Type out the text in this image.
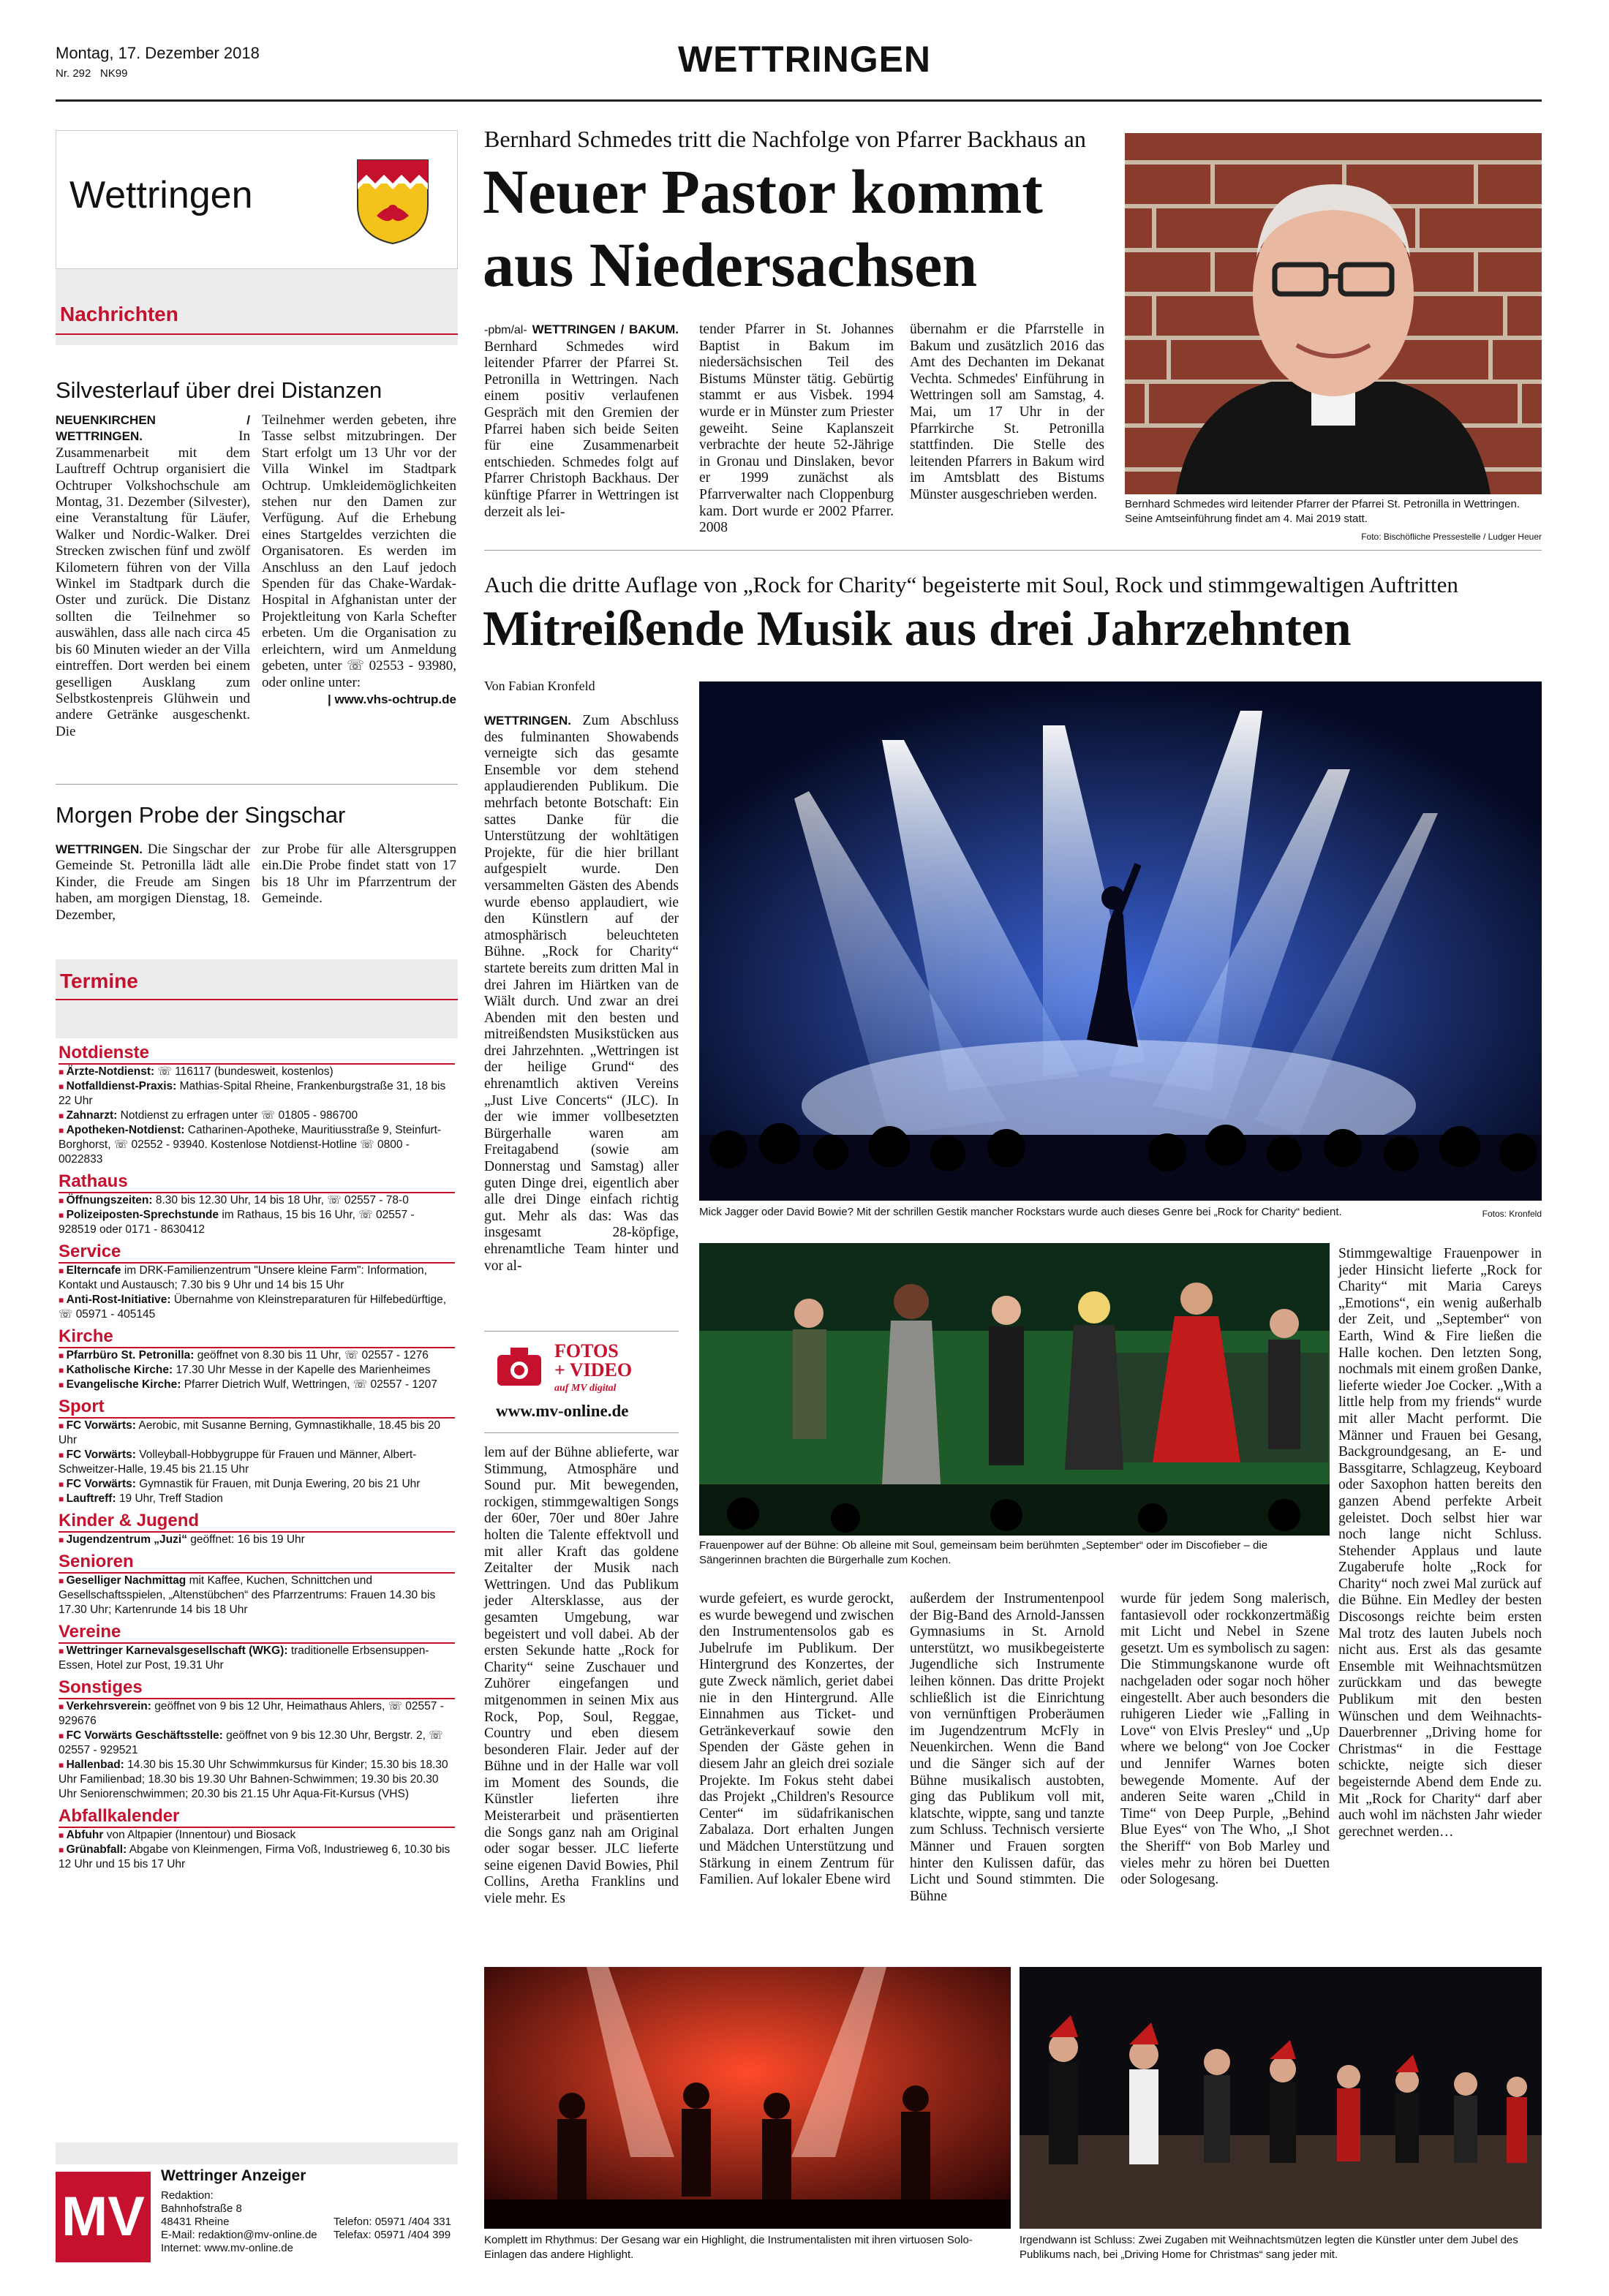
Montag, 17. Dezember 2018
Nr. 292 NK99	WETTRINGEN
Wettringen
Nachrichten
Silvesterlauf über drei Distanzen

NEUENKIRCHEN / WETTRINGEN.	In Zusammenarbeit mit dem Lauftreff Ochtrup organisiert die Ochtruper Volkshochschule am Montag, 31. Dezember (Silvester), eine Veranstaltung für Läufer, Walker und Nordic-Walker. Drei Strecken zwischen fünf und zwölf Kilometern führen von der Villa Winkel im Stadtpark durch die Oster und zurück. Die Distanz sollten die Teilnehmer so auswählen, dass alle nach circa 45 bis 60 Minuten wieder an der Villa eintreffen. Dort werden bei einem geselligen Ausklang zum Selbstkostenpreis Glühwein und andere Getränke ausgeschenkt. Die

Teilnehmer werden gebeten, ihre Tasse selbst mitzubringen. Der Start erfolgt um 13 Uhr vor der Villa Winkel im Stadtpark Ochtrup. Umkleidemöglichkeiten stehen nur den Damen zur Verfügung. Auf die Erhebung eines Startgeldes verzichten die Organisatoren. Es werden im Anschluss an den Lauf jedoch Spenden für das Chake-Wardak-Hospital in Afghanistan unter der Projektleitung von Karla Schefter erbeten. Um die Organisation zu erleichtern, wird um Anmeldung gebeten, unter ☏ 02553 - 93980, oder online unter:

| www.vhs-ochtrup.de

Morgen Probe der Singschar

WETTRINGEN. Die Singschar der Gemeinde St. Petronilla lädt alle Kinder, die Freude am Singen haben, am morgigen Dienstag, 18. Dezember,

zur Probe für alle Altersgruppen ein.Die Probe findet statt von 17 bis 18 Uhr im Pfarrzentrum der Gemeinde.

Termine
Notdienste
■ Ärzte-Notdienst: ☏ 116117 (bundesweit, kostenlos)
■ Notfalldienst-Praxis: Mathias-Spital Rheine, Frankenburgstraße 31, 18 bis 22 Uhr
■ Zahnarzt: Notdienst zu erfragen unter ☏ 01805 - 986700
■ Apotheken-Notdienst: Catharinen-Apotheke, Mauritiusstraße 9, Steinfurt-Borghorst, ☏ 02552 - 93940. Kostenlose Notdienst-Hotline ☏ 0800 - 0022833
Rathaus
■ Öffnungszeiten: 8.30 bis 12.30 Uhr, 14 bis 18 Uhr, ☏ 02557 - 78-0
■ Polizeiposten-Sprechstunde im Rathaus, 15 bis 16 Uhr, ☏ 02557 - 928519 oder 0171 - 8630412
Service
■ Elterncafe im DRK-Familienzentrum "Unsere kleine Farm": Information, Kontakt und Austausch; 7.30 bis 9 Uhr und 14 bis 15 Uhr
■ Anti-Rost-Initiative: Übernahme von Kleinstreparaturen für Hilfebedürftige, ☏ 05971 - 405145
Kirche
■ Pfarrbüro St. Petronilla: geöffnet von 8.30 bis 11 Uhr, ☏ 02557 - 1276
■ Katholische Kirche: 17.30 Uhr Messe in der Kapelle des Marienheimes
■ Evangelische Kirche: Pfarrer Dietrich Wulf, Wettringen, ☏ 02557 - 1207
Sport
■ FC Vorwärts: Aerobic, mit Susanne Berning, Gymnastikhalle, 18.45 bis 20 Uhr
■ FC Vorwärts: Volleyball-Hobbygruppe für Frauen und Männer, Albert-Schweitzer-Halle, 19.45 bis 21.15 Uhr
■ FC Vorwärts: Gymnastik für Frauen, mit Dunja Ewering, 20 bis 21 Uhr
■ Lauftreff: 19 Uhr, Treff Stadion
Kinder & Jugend
■ Jugendzentrum „Juzi“ geöffnet: 16 bis 19 Uhr
Senioren
■ Geselliger Nachmittag mit Kaffee, Kuchen, Schnittchen und Gesellschaftsspielen, „Altenstübchen“ des Pfarrzentrums: Frauen 14.30 bis 17.30 Uhr; Kartenrunde 14 bis 18 Uhr
Vereine
■ Wettringer Karnevalsgesellschaft (WKG): traditionelle Erbsensuppen-Essen, Hotel zur Post, 19.31 Uhr
Sonstiges
■ Verkehrsverein: geöffnet von 9 bis 12 Uhr, Heimathaus Ahlers, ☏ 02557 - 929676
■ FC Vorwärts Geschäftsstelle: geöffnet von 9 bis 12.30 Uhr, Bergstr. 2, ☏ 02557 - 929521
■ Hallenbad: 14.30 bis 15.30 Uhr Schwimmkursus für Kinder; 15.30 bis 18.30 Uhr Familienbad; 18.30 bis 19.30 Uhr Bahnen-Schwimmen; 19.30 bis 20.30 Uhr Seniorenschwimmen; 20.30 bis 21.15 Uhr Aqua-Fit-Kursus (VHS)
Abfallkalender
■ Abfuhr von Altpapier (Innentour) und Biosack
■ Grünabfall: Abgabe von Kleinmengen, Firma Voß, Industrieweg 6, 10.30 bis 12 Uhr und 15 bis 17 Uhr
MV
Wettringer Anzeiger
Redaktion:
Bahnhofstraße 8
48431 Rheine
E-Mail: redaktion@mv-online.de
Internet: www.mv-online.de
Telefon: 05971 /404 331
Telefax: 05971 /404 399
Bernhard Schmedes tritt die Nachfolge von Pfarrer Backhaus an
Neuer Pastor kommt
aus Niedersachsen

-pbm/al- WETTRINGEN / BAKUM. Bernhard Schmedes wird leitender Pfarrer der Pfarrei St. Petronilla in Wettringen. Nach einem positiv verlaufenen Gespräch mit den Gremien der Pfarrei haben sich beide Seiten für eine Zusammenarbeit entschieden. Schmedes folgt auf Pfarrer Christoph Backhaus. Der künftige Pfarrer in Wettringen ist derzeit als lei-

tender Pfarrer in St. Johannes Baptist in Bakum im niedersächsischen Teil des Bistums Münster tätig. Gebürtig stammt er aus Visbek. 1994 wurde er in Münster zum Priester geweiht. Seine Kaplanszeit verbrachte der heute 52-Jährige in Gronau und Dinslaken, bevor er 1999 zunächst als Pfarrverwalter nach Cloppenburg kam. Dort wurde er 2002 Pfarrer. 2008

übernahm er die Pfarrstelle in Bakum und zusätzlich 2016 das Amt des Dechanten im Dekanat Vechta. Schmedes' Einführung in Wettringen soll am Samstag, 4. Mai, um 17 Uhr in der Pfarrkirche St. Petronilla stattfinden. Die Stelle des leitenden Pfarrers in Bakum wird im Amtsblatt des Bistums Münster ausgeschrieben werden.

Bernhard Schmedes wird leitender Pfarrer der Pfarrei St. Petronilla in Wettringen. Seine Amtseinführung findet am 4. Mai 2019 statt.
Foto: Bischöfliche Pressestelle / Ludger Heuer
Auch die dritte Auflage von „Rock for Charity“ begeisterte mit Soul, Rock und stimmgewaltigen Auftritten
Mitreißende Musik aus drei Jahrzehnten
Von Fabian Kronfeld

WETTRINGEN. Zum Abschluss des fulminanten Showabends verneigte sich das gesamte Ensemble vor dem stehend applaudierenden Publikum. Die mehrfach betonte Botschaft: Ein sattes Danke für die Unterstützung der wohltätigen Projekte, für die hier brillant aufgespielt wurde. Den versammelten Gästen des Abends wurde ebenso applaudiert, wie den Künstlern auf der atmosphärisch beleuchteten Bühne. „Rock for Charity“ startete bereits zum dritten Mal in drei Jahren im Hiärtken van de Wiält durch. Und zwar an drei Abenden mit den besten und mitreißendsten Musikstücken aus drei Jahrzehnten. „Wettringen ist der heilige Grund“ des ehrenamtlich aktiven Vereins „Just Live Concerts“ (JLC). In der wie immer vollbesetzten Bürgerhalle waren am Freitagabend (sowie am Donnerstag und Samstag) aller guten Dinge drei, eigentlich aber alle drei Dinge einfach richtig gut. Mehr als das: Was das insgesamt 28-köpfige, ehrenamtliche Team hinter und vor al-

FOTOS
+ VIDEO
auf MV digital
www.mv-online.de

lem auf der Bühne ablieferte, war Stimmung, Atmosphäre und Sound pur. Mit bewegenden, rockigen, stimmgewaltigen Songs der 60er, 70er und 80er Jahre holten die Talente effektvoll und mit aller Kraft das goldene Zeitalter der Musik nach Wettringen. Und das Publikum jeder Altersklasse, aus der gesamten Umgebung, war begeistert und voll dabei. Ab der ersten Sekunde hatte „Rock for Charity“ seine Zuschauer und Zuhörer eingefangen und mitgenommen in seinen Mix aus Rock, Pop, Soul, Reggae, Country und eben diesem besonderen Flair. Jeder auf der Bühne und in der Halle war voll im Moment des Sounds, die Künstler lieferten ihre Meisterarbeit und präsentierten die Songs ganz nah am Original oder sogar besser. JLC lieferte seine eigenen David Bowies, Phil Collins, Aretha Franklins und viele mehr. Es

Mick Jagger oder David Bowie? Mit der schrillen Gestik mancher Rockstars wurde auch dieses Genre bei „Rock for Charity“ bedient.	Fotos: Kronfeld
Frauenpower auf der Bühne: Ob alleine mit Soul, gemeinsam beim berühmten „September“ oder im Discofieber – die Sängerinnen brachten die Bürgerhalle zum Kochen.

Stimmgewaltige Frauenpower in jeder Hinsicht lieferte „Rock for Charity“ mit Maria Careys „Emotions“, ein wenig außerhalb der Zeit, und „September“ von Earth, Wind & Fire ließen die Halle kochen. Den letzten Song, nochmals mit einem großen Danke, lieferte wieder Joe Cocker. „With a little help from my friends“ wurde mit aller Macht performt. Die Männer und Frauen bei Gesang, Backgroundgesang, an E- und Bassgitarre, Schlagzeug, Keyboard oder Saxophon hatten bereits den ganzen Abend perfekte Arbeit geleistet. Doch selbst hier war noch lange nicht Schluss. Stehender Applaus und laute Zugaberufe holte „Rock for Charity“ noch zwei Mal zurück auf die Bühne. Ein Medley der besten Discosongs reichte beim ersten Mal trotz des lauten Jubels noch nicht aus. Erst als das gesamte Ensemble mit Weihnachtsmützen zurückkam und das bewegte Publikum mit den besten Wünschen und dem Weihnachts-Dauerbrenner „Driving home for Christmas“ in die Festtage schickte, neigte sich dieser begeisternde Abend dem Ende zu. Mit „Rock for Charity“ darf aber auch wohl im nächsten Jahr wieder gerechnet werden…

wurde gefeiert, es wurde gerockt, es wurde bewegend und zwischen den Instrumentensolos gab es Jubelrufe im Publikum. Der Hintergrund des Konzertes, der gute Zweck nämlich, geriet dabei nie in den Hintergrund. Alle Einnahmen aus Ticket- und Getränkeverkauf sowie den Spenden der Gäste gehen in diesem Jahr an gleich drei soziale Projekte. Im Fokus steht dabei das Projekt „Children's Resource Center“ im südafrikanischen Zabalaza. Dort erhalten Jungen und Mädchen Unterstützung und Stärkung in einem Zentrum für Familien. Auf lokaler Ebene wird

außerdem der Instrumentenpool der Big-Band des Arnold-Janssen Gymnasiums in St. Arnold unterstützt, wo musikbegeisterte Jugendliche sich Instrumente leihen können. Das dritte Projekt schließlich ist die Einrichtung von vernünftigen Proberäumen im Jugendzentrum McFly in Neuenkirchen. Wenn die Band und die Sänger sich auf der Bühne musikalisch austobten, ging das Publikum voll mit, klatschte, wippte, sang und tanzte zum Schluss. Technisch versierte Männer und Frauen sorgten hinter den Kulissen dafür, das Licht und Sound stimmten. Die Bühne

wurde für jedem Song malerisch, fantasievoll oder rockkonzertmäßig mit Licht und Nebel in Szene gesetzt. Um es symbolisch zu sagen: Die Stimmungskanone wurde oft nachgeladen oder sogar noch höher eingestellt. Aber auch besonders die ruhigeren Lieder wie „Falling in Love“ von Elvis Presley“ und „Up where we belong“ von Joe Cocker und Jennifer Warnes boten bewegende Momente. Auf der anderen Seite waren „Child in Time“ von Deep Purple, „Behind Blue Eyes“ von The Who, „I Shot the Sheriff“ von Bob Marley und vieles mehr zu hören bei Duetten oder Sologesang.

Komplett im Rhythmus: Der Gesang war ein Highlight, die Instrumentalisten mit ihren virtuosen Solo-Einlagen das andere Highlight.
Irgendwann ist Schluss: Zwei Zugaben mit Weihnachtsmützen legten die Künstler unter dem Jubel des Publikums nach, bei „Driving Home for Christmas“ sang jeder mit.
